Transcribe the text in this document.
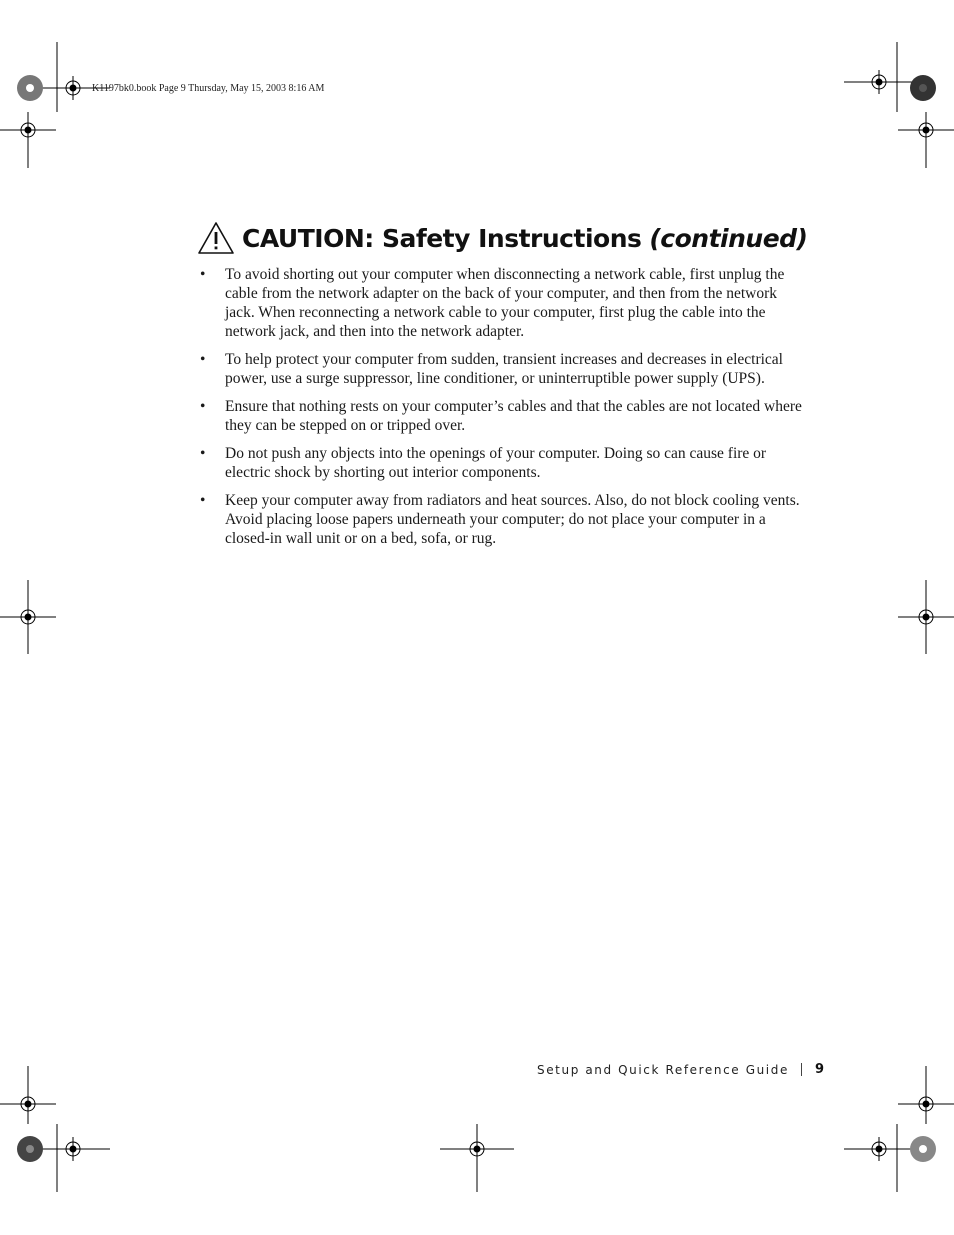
K1197bk0.book Page 9 Thursday, May 15, 2003 8:16 AM
CAUTION: Safety Instructions (continued)
• To avoid shorting out your computer when disconnecting a network cable, first unplug the cable from the network adapter on the back of your computer, and then from the network jack. When reconnecting a network cable to your computer, first plug the cable into the network jack, and then into the network adapter.
• To help protect your computer from sudden, transient increases and decreases in electrical power, use a surge suppressor, line conditioner, or uninterruptible power supply (UPS).
• Ensure that nothing rests on your computer’s cables and that the cables are not located where they can be stepped on or tripped over.
• Do not push any objects into the openings of your computer. Doing so can cause fire or electric shock by shorting out interior components.
• Keep your computer away from radiators and heat sources. Also, do not block cooling vents. Avoid placing loose papers underneath your computer; do not place your computer in a closed-in wall unit or on a bed, sofa, or rug.
Setup and Quick Reference Guide 9
